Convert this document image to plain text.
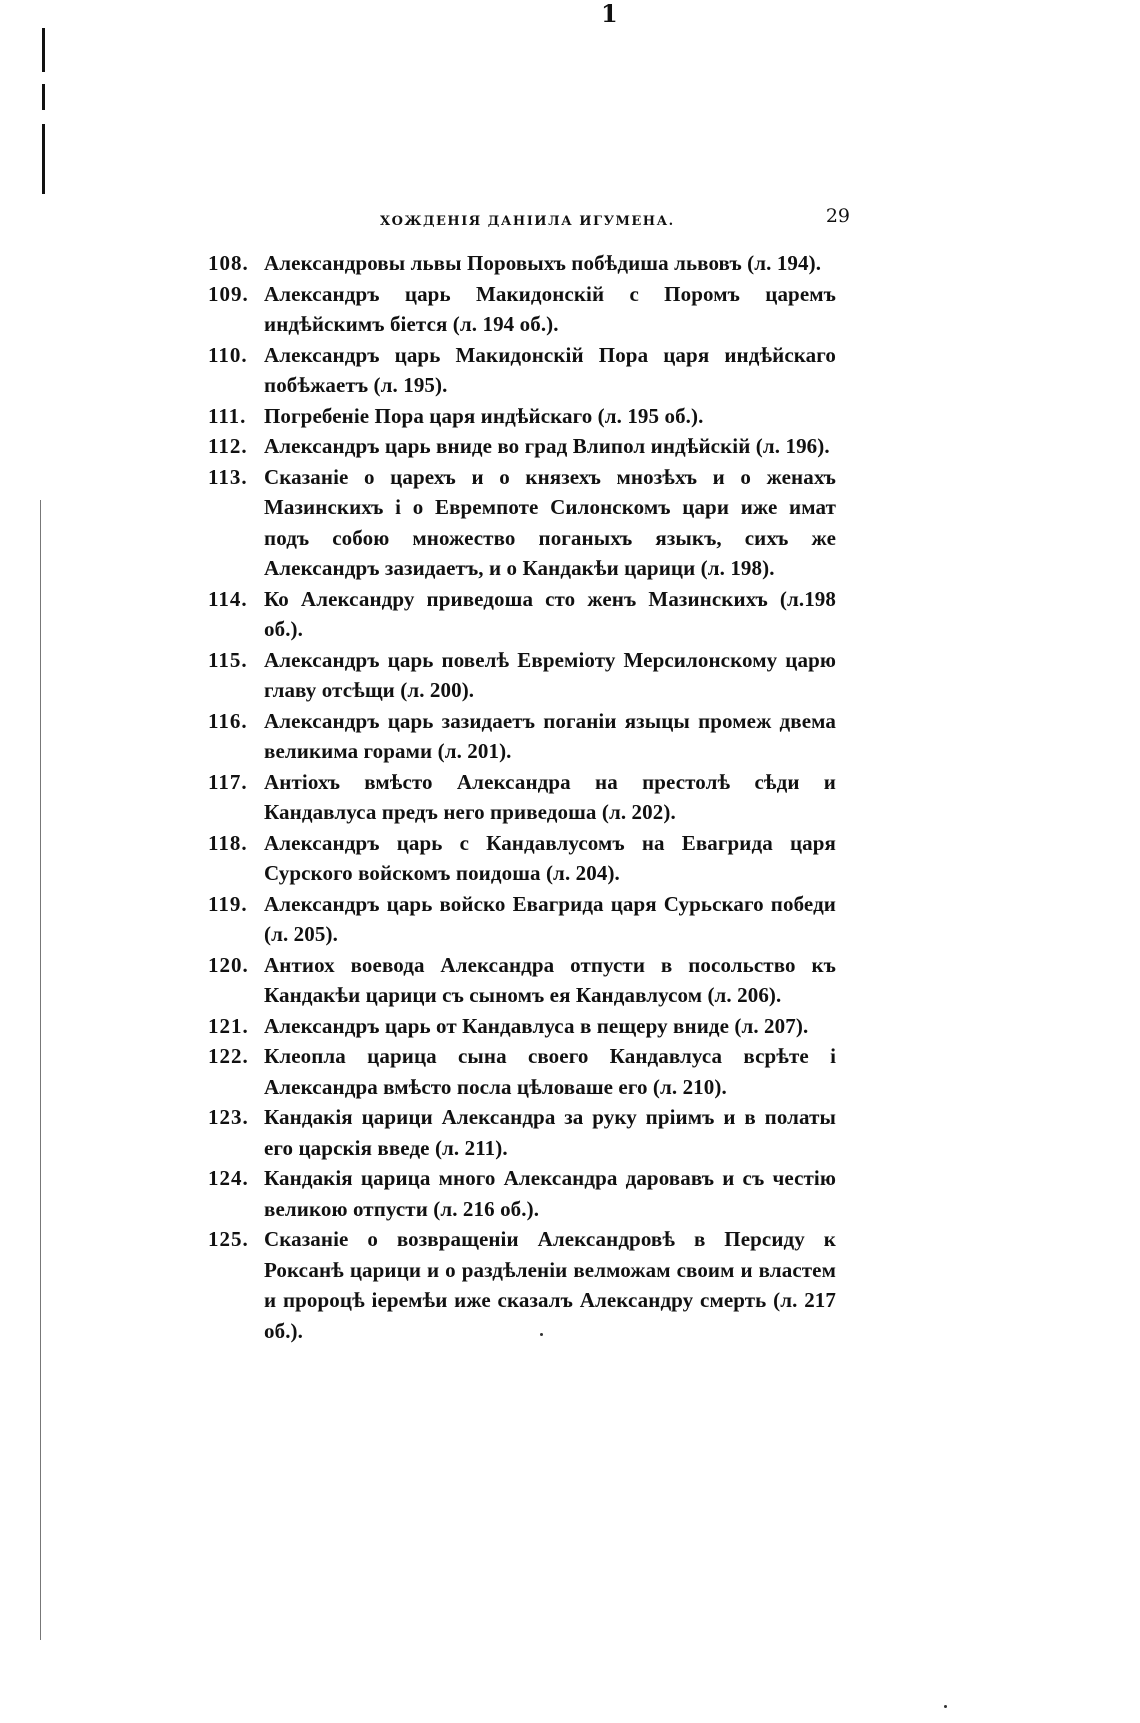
1
ХОЖДЕНІЯ ДАНІИЛА ИГУМЕНА.	29
108. Александровы львы Поровыхъ побѣдиша львовъ (л. 194).
109. Александръ царь Макидонскій с Поромъ царемъ индѣйскимъ біется (л. 194 об.).
110. Александръ царь Макидонскій Пора царя индѣйскаго побѣжаетъ (л. 195).
111. Погребеніе Пора царя индѣйскаго (л. 195 об.).
112. Александръ царь вниде во град Влипол индѣйскій (л. 196).
113. Сказаніе о царехъ и о князехъ мнозѣхъ и о женахъ Мазинскихъ і о Евремпоте Силонскомъ цари иже имат подъ собою множество поганыхъ языкъ, сихъ же Александръ зазидаетъ, и о Кандакѣи царици (л. 198).
114. Ко Александру приведоша сто женъ Мазинскихъ (л.198 об.).
115. Александръ царь повелѣ Евреміоту Мерсилонскому царю главу отсѣщи (л. 200).
116. Александръ царь зазидаетъ поганіи языцы промеж двема великима горами (л. 201).
117. Антіохъ вмѣсто Александра на престолѣ сѣди и Кандавлуса предъ него приведоша (л. 202).
118. Александръ царь с Кандавлусомъ на Евагрида царя Сурского войскомъ поидоша (л. 204).
119. Александръ царь войско Евагрида царя Сурьскаго победи (л. 205).
120. Антиох воевода Александра отпусти в посольство къ Кандакѣи царици съ сыномъ ея Кандавлусом (л. 206).
121. Александръ царь от Кандавлуса в пещеру вниде (л. 207).
122. Клеопла царица сына своего Кандавлуса всрѣте і Александра вмѣсто посла цѣловаше его (л. 210).
123. Кандакія царици Александра за руку пріимъ и в полаты его царскія введе (л. 211).
124. Кандакія царица много Александра даровавъ и съ честію великою отпусти (л. 216 об.).
125. Сказаніе о возвращеніи Александровѣ в Персиду к Роксанѣ царици и о раздѣленіи велможам своим и властем и пророцѣ іеремѣи иже сказалъ Александру смерть (л. 217 об.).
